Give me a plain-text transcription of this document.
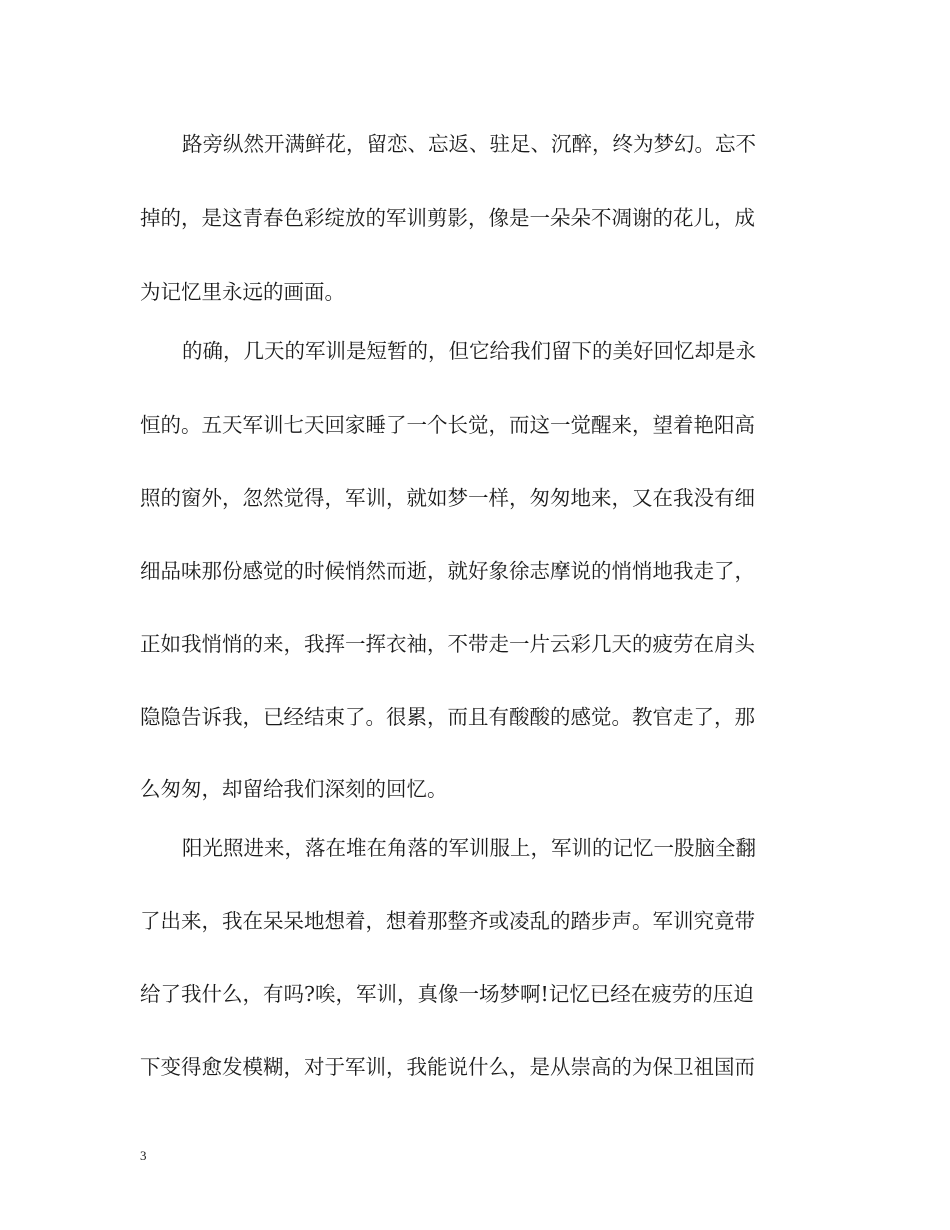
路旁纵然开满鲜花，留恋、忘返、驻足、沉醉，终为梦幻。忘不

掉的，是这青春色彩绽放的军训剪影，像是一朵朵不凋谢的花儿，成

为记忆里永远的画面。

的确，几天的军训是短暂的，但它给我们留下的美好回忆却是永

恒的。五天军训七天回家睡了一个长觉，而这一觉醒来，望着艳阳高

照的窗外，忽然觉得，军训，就如梦一样，匆匆地来，又在我没有细

细品味那份感觉的时候悄然而逝，就好象徐志摩说的悄悄地我走了，

正如我悄悄的来，我挥一挥衣袖，不带走一片云彩几天的疲劳在肩头

隐隐告诉我，已经结束了。很累，而且有酸酸的感觉。教官走了，那

么匆匆，却留给我们深刻的回忆。

阳光照进来，落在堆在角落的军训服上，军训的记忆一股脑全翻

了出来，我在呆呆地想着，想着那整齐或凌乱的踏步声。军训究竟带

给了我什么，有吗?唉，军训，真像一场梦啊!记忆已经在疲劳的压迫

下变得愈发模糊，对于军训，我能说什么，是从崇高的为保卫祖国而

3
